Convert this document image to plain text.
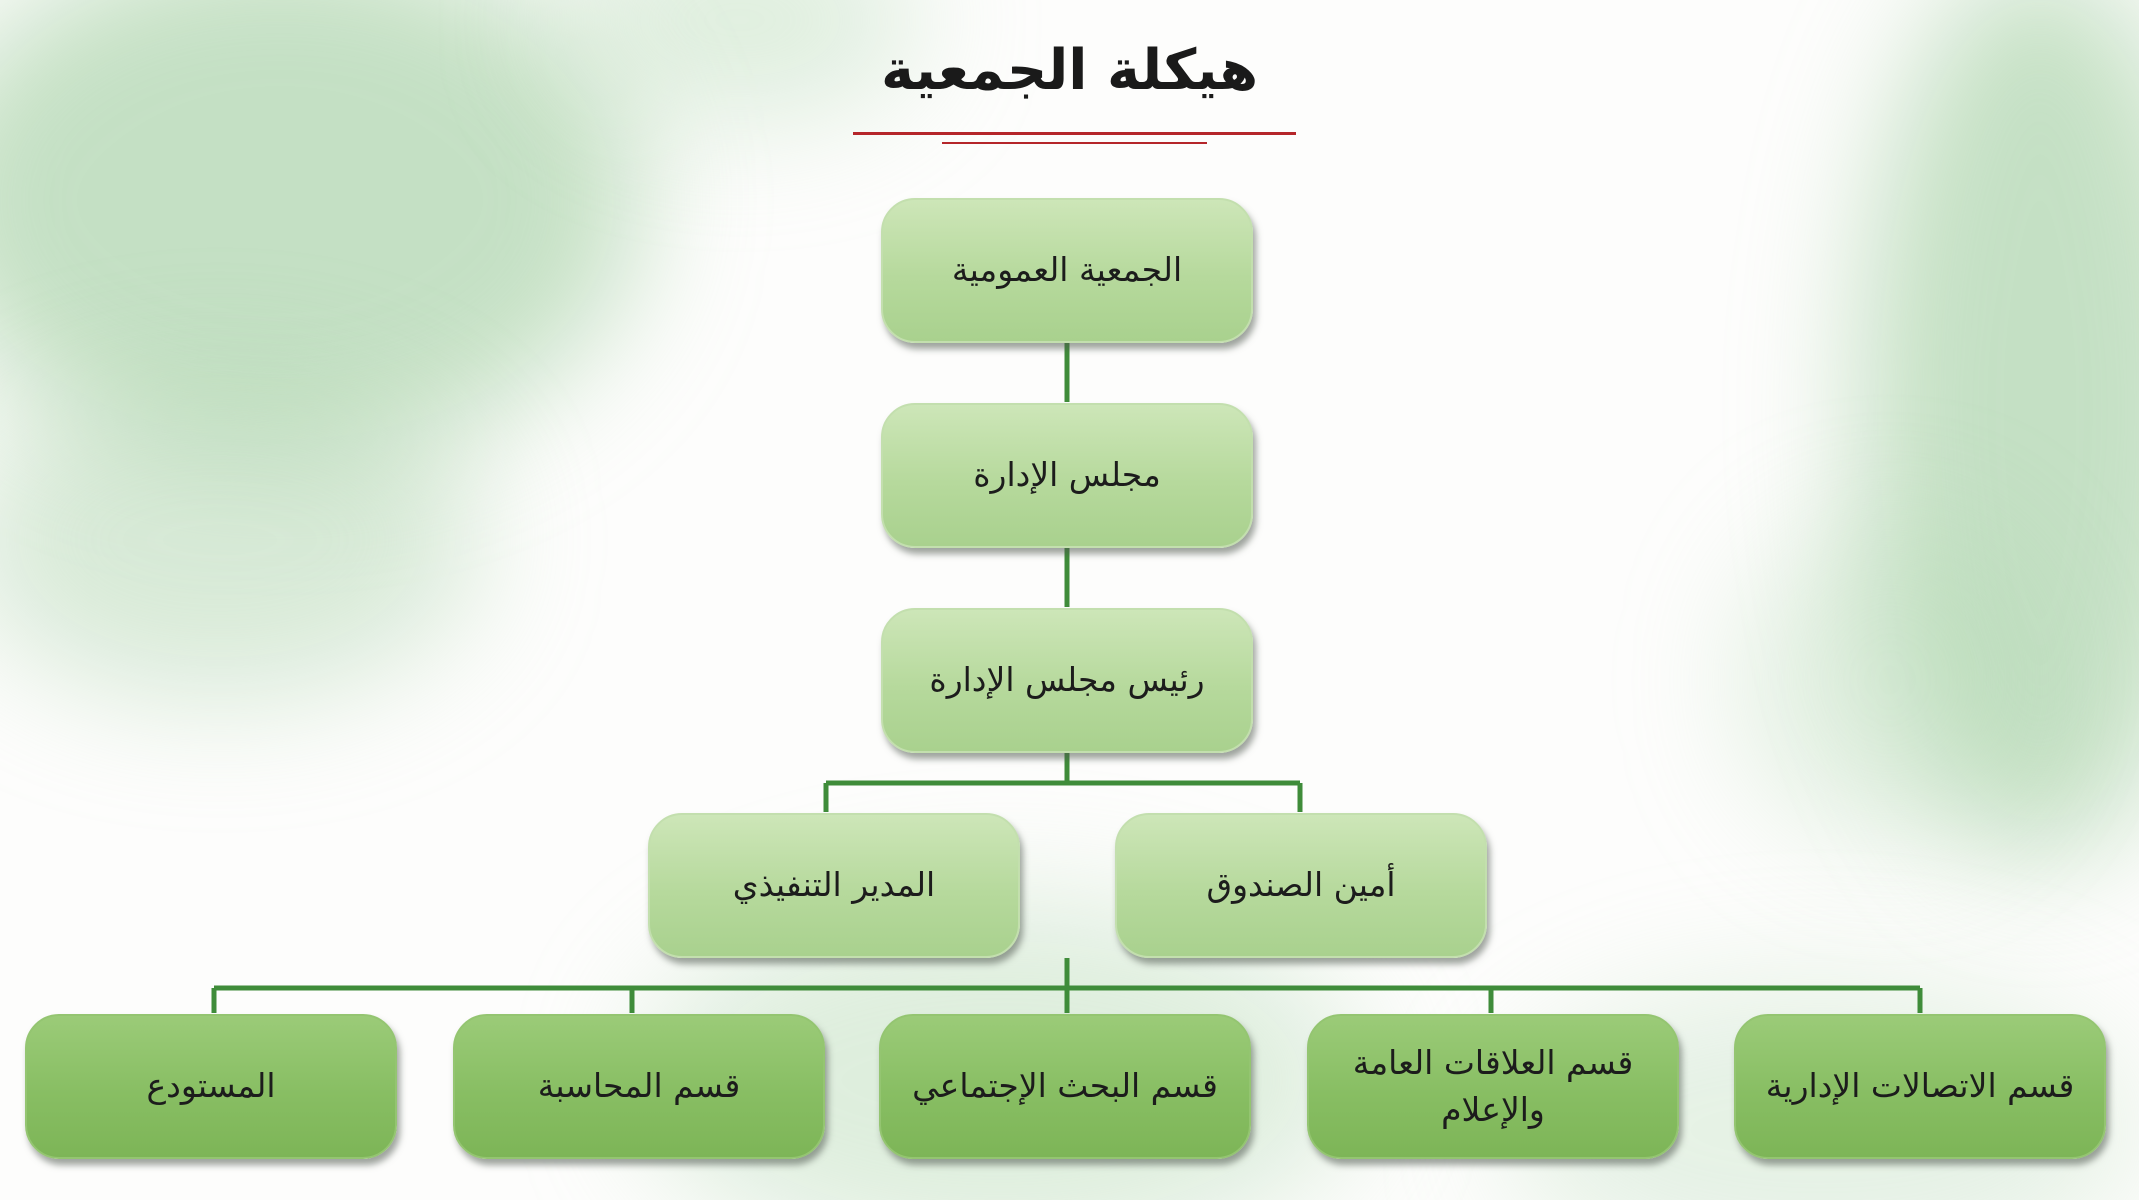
هيكلة الجمعية
الجمعية العمومية
مجلس الإدارة
رئيس مجلس الإدارة
أمين الصندوق
المدير التنفيذي
قسم الاتصالات الإدارية
قسم العلاقات العامة والإعلام
قسم البحث الإجتماعي
قسم المحاسبة
المستودع
